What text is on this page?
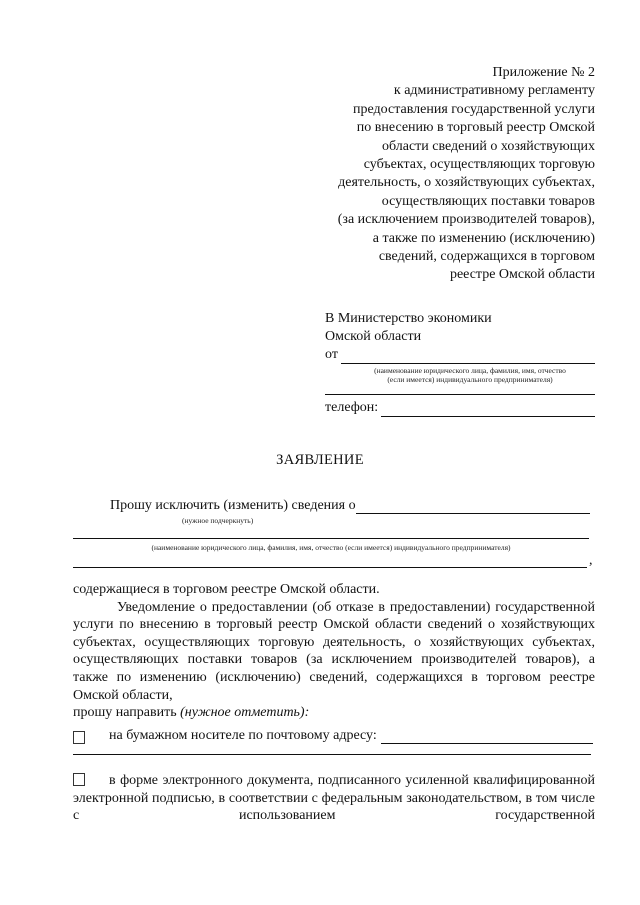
Приложение № 2
к административному регламенту
предоставления государственной услуги
по внесению в торговый реестр Омской
области сведений о хозяйствующих
субъектах, осуществляющих торговую
деятельность, о хозяйствующих субъектах,
осуществляющих поставки товаров
(за исключением производителей товаров),
а также по изменению (исключению)
сведений, содержащихся в торговом
реестре Омской области
В Министерство экономики
Омской области
от
(наименование юридического лица, фамилия, имя, отчество
(если имеется) индивидуального предпринимателя)
телефон:
ЗАЯВЛЕНИЕ
Прошу исключить (изменить) сведения о
(нужное подчеркнуть)
(наименование юридического лица, фамилия, имя, отчество (если имеется) индивидуального предпринимателя)
,

содержащиеся в торговом реестре Омской области.

Уведомление о предоставлении (об отказе в предоставлении) государственной услуги по внесению в торговый реестр Омской области сведений о хозяйствующих субъектах, осуществляющих торговую деятельность, о хозяйствующих субъектах, осуществляющих поставки товаров (за исключением производителей товаров), а также по изменению (исключению) сведений, содержащихся в торговом реестре Омской области,

прошу направить (нужное отметить):

на бумажном носителе по почтовому адресу:
в форме электронного документа, подписанного усиленной квалифицированной электронной подписью, в соответствии с федеральным законодательством, в том числе с использованием государственной
